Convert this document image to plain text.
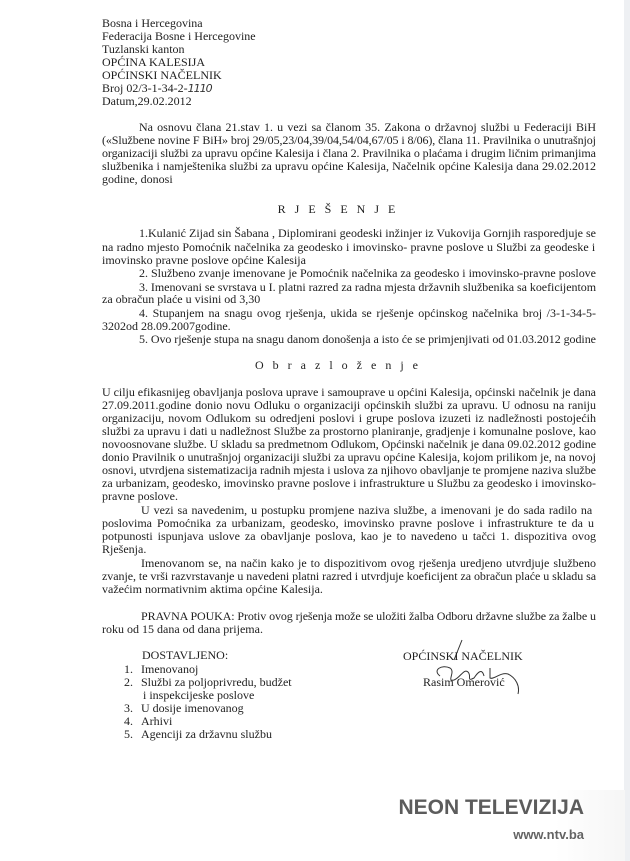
Broj 02/3-1-34-2-1110
Datum,29.02.2012
R J E Š E N J E
O b r a z l o ž e n j e
DOSTAVLJENO:	OPĆINSKI NAČELNIK
Rasim Omerović
NEON TELEVIZIJA
www.ntv.ba
Bosna i Hercegovina
Federacija Bosne i Hercegovine
Tuzlanski kanton
OPĆINA KALESIJA
OPĆINSKI NAČELNIK
Na osnovu člana 21.stav 1. u vezi sa članom 35. Zakona o državnoj službi u Federaciji BiH
(«Službene novine F BiH» broj 29/05,23/04,39/04,54/04,67/05 i 8/06), člana 11. Pravilnika o unutrašnjoj
organizaciji službi za upravu općine Kalesija i člana 2. Pravilnika o plaćama i drugim ličnim primanjima
službenika i namještenika službi za upravu općine Kalesija, Načelnik općine Kalesija dana 29.02.2012
godine, donosi
1.Kulanić Zijad sin Šabana , Diplomirani geodeski inžinjer iz Vukovija Gornjih rasporedjuje se
na radno mjesto Pomoćnik načelnika za geodesko i imovinsko- pravne poslove u Službi za geodeske i
imovinsko pravne poslove općine Kalesija
2. Službeno zvanje imenovane je Pomoćnik načelnika za geodesko i imovinsko-pravne poslove
3. Imenovani se svrstava u I. platni razred za radna mjesta državnih službenika sa koeficijentom
za obračun plaće u visini od 3,30
4. Stupanjem na snagu ovog rješenja, ukida se rješenje općinskog načelnika broj /3-1-34-5-
3202od 28.09.2007godine.
5. Ovo rješenje stupa na snagu danom donošenja a isto će se primjenjivati od 01.03.2012 godine
U cilju efikasnijeg obavljanja poslova uprave i samouprave u općini Kalesija, općinski načelnik je dana
27.09.2011.godine donio novu Odluku o organizaciji općinskih službi za upravu. U odnosu na raniju
organizaciju, novom Odlukom su odredjeni poslovi i grupe poslova izuzeti iz nadležnosti postojećih
službi za upravu i dati u nadležnost Službe za prostorno planiranje, gradjenje i komunalne poslove, kao
novoosnovane službe. U skladu sa predmetnom Odlukom, Općinski načelnik je dana 09.02.2012 godine
donio Pravilnik o unutrašnjoj organizaciji službi za upravu općine Kalesija, kojom prilikom je, na novoj
osnovi, utvrdjena sistematizacija radnih mjesta i uslova za njihovo obavljanje te promjene naziva službe
za urbanizam, geodesko, imovinsko pravne poslove i infrastrukture u Službu za geodesko i imovinsko-
pravne poslove.
U vezi sa navedenim, u postupku promjene naziva službe, a imenovani je do sada radilo na
poslovima Pomoćnika za urbanizam, geodesko, imovinsko pravne poslove i infrastrukture te da u
potpunosti ispunjava uslove za obavljanje poslova, kao je to navedeno u tačci 1. dispozitiva ovog
Rješenja.
Imenovanom se, na način kako je to dispozitivom ovog rješenja uredjeno utvrdjuje službeno
zvanje, te vrši razvrstavanje u navedeni platni razred i utvrdjuje koeficijent za obračun plaće u skladu sa
važećim normativnim aktima općine Kalesija.
PRAVNA POUKA: Protiv ovog rješenja može se uložiti žalba Odboru državne službe za žalbe u
roku od 15 dana od dana prijema.
1. Imenovanoj
2. Službi za poljoprivredu, budžet
i inspekcijeske poslove
3. U dosije imenovanog
4. Arhivi
5. Agenciji za državnu službu
